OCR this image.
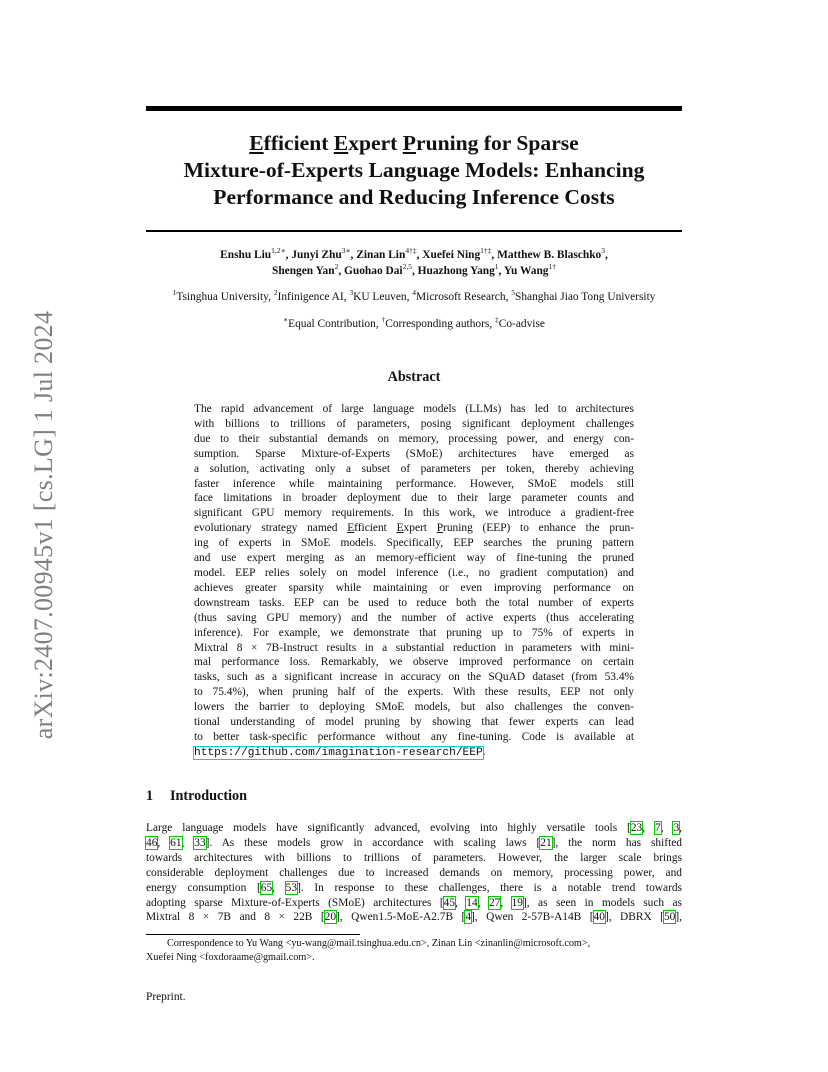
arXiv:2407.00945v1 [cs.LG] 1 Jul 2024
Efficient Expert Pruning for Sparse
Mixture-of-Experts Language Models: Enhancing
Performance and Reducing Inference Costs
Enshu Liu$^{1,2∗}$, Junyi Zhu$^{3∗}$, Zinan Lin$^{4\dagger\ddagger}$, Xuefei Ning$^{1\dagger\ddagger}$, Matthew B. Blaschko$^3$,
Shengen Yan$^2$, Guohao Dai$^{2,5}$, Huazhong Yang$^1$, Yu Wang$^{1\dagger}$
$^1$Tsinghua University, $^2$Infinigence AI, $^3$KU Leuven, $^4$Microsoft Research, $^5$Shanghai Jiao Tong University
∗Equal Contribution, †Corresponding authors, ‡Co-advise
Abstract
The rapid advancement of large language models (LLMs) has led to architectures
with billions to trillions of parameters, posing significant deployment challenges
due to their substantial demands on memory, processing power, and energy con-
sumption. Sparse Mixture-of-Experts (SMoE) architectures have emerged as
a solution, activating only a subset of parameters per token, thereby achieving
faster inference while maintaining performance. However, SMoE models still
face limitations in broader deployment due to their large parameter counts and
significant GPU memory requirements. In this work, we introduce a gradient-free
evolutionary strategy named Efficient Expert Pruning (EEP) to enhance the prun-
ing of experts in SMoE models. Specifically, EEP searches the pruning pattern
and use expert merging as an memory-efficient way of fine-tuning the pruned
model. EEP relies solely on model inference (i.e., no gradient computation) and
achieves greater sparsity while maintaining or even improving performance on
downstream tasks. EEP can be used to reduce both the total number of experts
(thus saving GPU memory) and the number of active experts (thus accelerating
inference). For example, we demonstrate that pruning up to 75% of experts in
Mixtral 8 × 7B-Instruct results in a substantial reduction in parameters with mini-
mal performance loss. Remarkably, we observe improved performance on certain
tasks, such as a significant increase in accuracy on the SQuAD dataset (from 53.4%
to 75.4%), when pruning half of the experts. With these results, EEP not only
lowers the barrier to deploying SMoE models, but also challenges the conven-
tional understanding of model pruning by showing that fewer experts can lead
to better task-specific performance without any fine-tuning. Code is available at
https://github.com/imagination-research/EEP.
1 Introduction
Large language models have significantly advanced, evolving into highly versatile tools [23, 7, 3,
46, 61, 33]. As these models grow in accordance with scaling laws [21], the norm has shifted
towards architectures with billions to trillions of parameters. However, the larger scale brings
considerable deployment challenges due to increased demands on memory, processing power, and
energy consumption [65, 53]. In response to these challenges, there is a notable trend towards
adopting sparse Mixture-of-Experts (SMoE) architectures [45, 14, 27, 19], as seen in models such as
Mixtral 8 × 7B and 8 × 22B [20], Qwen1.5-MoE-A2.7B [4], Qwen 2-57B-A14B [40], DBRX [50],
Correspondence to Yu Wang <yu-wang@mail.tsinghua.edu.cn>, Zinan Lin <zinanlin@microsoft.com>,
Xuefei Ning <foxdoraame@gmail.com>.
Preprint.
